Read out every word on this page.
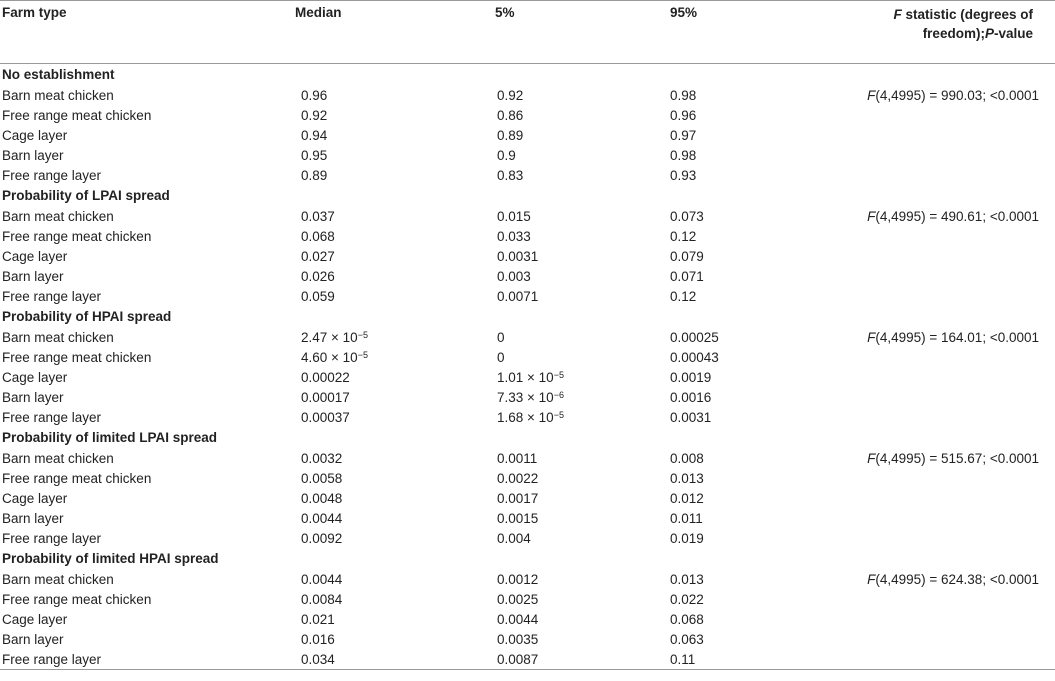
Farm type	Median	5%	95%	F statistic (degrees of
freedom);P-value
No establishment				
Barn meat chicken	0.96	0.92	0.98	F(4,4995) = 990.03; <0.0001
Free range meat chicken	0.92	0.86	0.96	
Cage layer	0.94	0.89	0.97	
Barn layer	0.95	0.9	0.98	
Free range layer	0.89	0.83	0.93	
Probability of LPAI spread				
Barn meat chicken	0.037	0.015	0.073	F(4,4995) = 490.61; <0.0001
Free range meat chicken	0.068	0.033	0.12	
Cage layer	0.027	0.0031	0.079	
Barn layer	0.026	0.003	0.071	
Free range layer	0.059	0.0071	0.12	
Probability of HPAI spread				
Barn meat chicken	$2.47 \times 10^{-5}$	0	0.00025	F(4,4995) = 164.01; <0.0001
Free range meat chicken	$4.60 \times 10^{-5}$	0	0.00043	
Cage layer	0.00022	$1.01 \times 10^{-5}$	0.0019	
Barn layer	0.00017	$7.33 \times 10^{-6}$	0.0016	
Free range layer	0.00037	$1.68 \times 10^{-5}$	0.0031	
Probability of limited LPAI spread				
Barn meat chicken	0.0032	0.0011	0.008	F(4,4995) = 515.67; <0.0001
Free range meat chicken	0.0058	0.0022	0.013	
Cage layer	0.0048	0.0017	0.012	
Barn layer	0.0044	0.0015	0.011	
Free range layer	0.0092	0.004	0.019	
Probability of limited HPAI spread				
Barn meat chicken	0.0044	0.0012	0.013	F(4,4995) = 624.38; <0.0001
Free range meat chicken	0.0084	0.0025	0.022	
Cage layer	0.021	0.0044	0.068	
Barn layer	0.016	0.0035	0.063	
Free range layer	0.034	0.0087	0.11	
